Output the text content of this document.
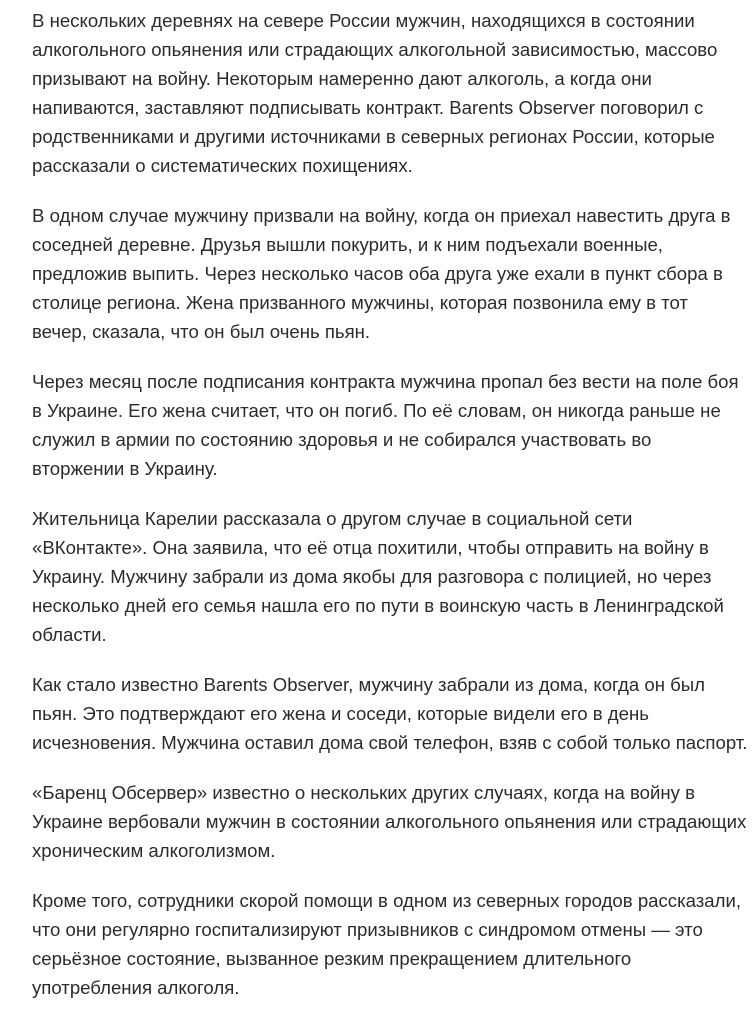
В нескольких деревнях на севере России мужчин, находящихся в состоянии алкогольного опьянения или страдающих алкогольной зависимостью, массово призывают на войну. Некоторым намеренно дают алкоголь, а когда они напиваются, заставляют подписывать контракт. Barents Observer поговорил с родственниками и другими источниками в северных регионах России, которые рассказали о систематических похищениях.

В одном случае мужчину призвали на войну, когда он приехал навестить друга в соседней деревне. Друзья вышли покурить, и к ним подъехали военные, предложив выпить. Через несколько часов оба друга уже ехали в пункт сбора в столице региона. Жена призванного мужчины, которая позвонила ему в тот вечер, сказала, что он был очень пьян.

Через месяц после подписания контракта мужчина пропал без вести на поле боя в Украине. Его жена считает, что он погиб. По её словам, он никогда раньше не служил в армии по состоянию здоровья и не собирался участвовать во вторжении в Украину.

Жительница Карелии рассказала о другом случае в социальной сети «ВКонтакте». Она заявила, что её отца похитили, чтобы отправить на войну в Украину. Мужчину забрали из дома якобы для разговора с полицией, но через несколько дней его семья нашла его по пути в воинскую часть в Ленинградской области.

Как стало известно Barents Observer, мужчину забрали из дома, когда он был пьян. Это подтверждают его жена и соседи, которые видели его в день исчезновения. Мужчина оставил дома свой телефон, взяв с собой только паспорт.

«Баренц Обсервер» известно о нескольких других случаях, когда на войну в Украине вербовали мужчин в состоянии алкогольного опьянения или страдающих хроническим алкоголизмом.

Кроме того, сотрудники скорой помощи в одном из северных городов рассказали, что они регулярно госпитализируют призывников с синдромом отмены — это серьёзное состояние, вызванное резким прекращением длительного употребления алкоголя.
